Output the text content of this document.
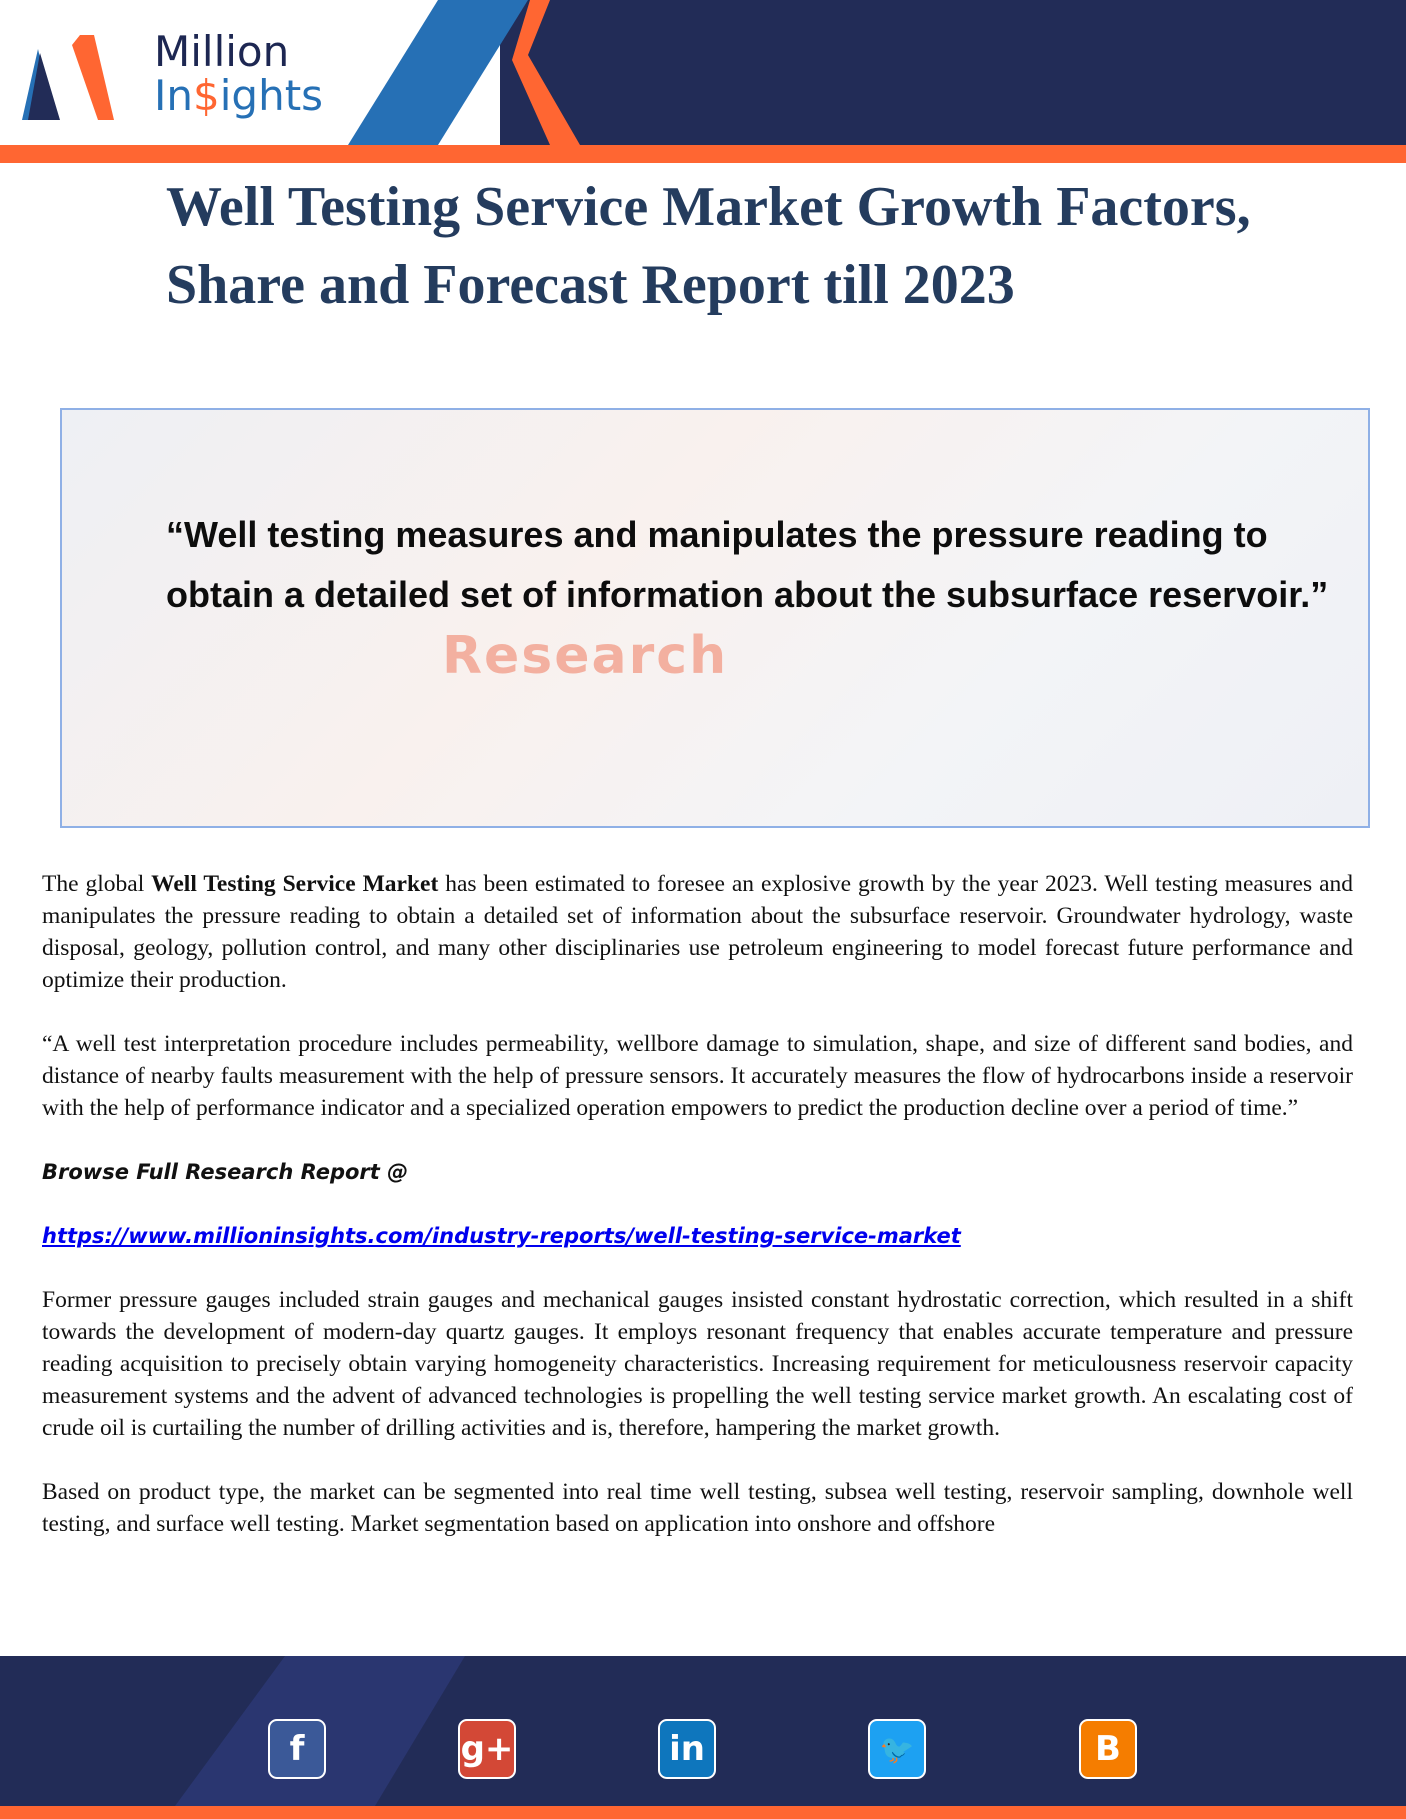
Million
In$ights
Well Testing Service Market Growth Factors, Share and Forecast Report till 2023
“Well testing measures and manipulates the pressure reading to obtain a detailed set of information about the subsurface reservoir.”
Research

The global Well Testing Service Market has been estimated to foresee an explosive growth by the year 2023. Well testing measures and manipulates the pressure reading to obtain a detailed set of information about the subsurface reservoir. Groundwater hydrology, waste disposal, geology, pollution control, and many other disciplinaries use petroleum engineering to model forecast future performance and optimize their production.

“A well test interpretation procedure includes permeability, wellbore damage to simulation, shape, and size of different sand bodies, and distance of nearby faults measurement with the help of pressure sensors. It accurately measures the flow of hydrocarbons inside a reservoir with the help of performance indicator and a specialized operation empowers to predict the production decline over a period of time.”

Browse Full Research Report @

https://www.millioninsights.com/industry-reports/well-testing-service-market

Former pressure gauges included strain gauges and mechanical gauges insisted constant hydrostatic correction, which resulted in a shift towards the development of modern-day quartz gauges. It employs resonant frequency that enables accurate temperature and pressure reading acquisition to precisely obtain varying homogeneity characteristics. Increasing requirement for meticulousness reservoir capacity measurement systems and the advent of advanced technologies is propelling the well testing service market growth. An escalating cost of crude oil is curtailing the number of drilling activities and is, therefore, hampering the market growth.

Based on product type, the market can be segmented into real time well testing, subsea well testing, reservoir sampling, downhole well testing, and surface well testing. Market segmentation based on application into onshore and offshore

f	g+	in	🐦	B
